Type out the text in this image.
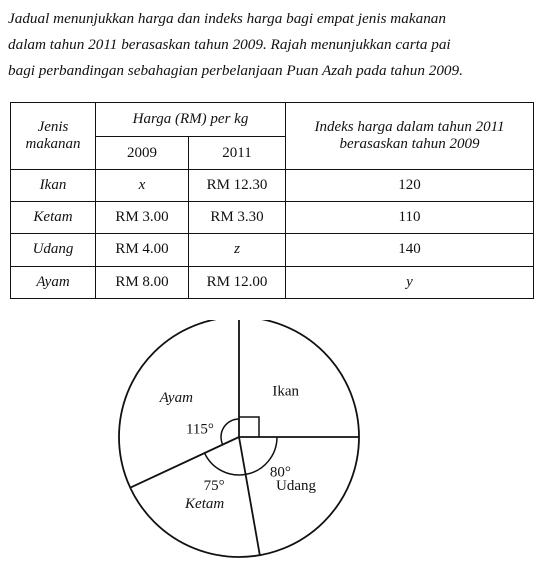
Jadual menunjukkan harga dan indeks harga bagi empat jenis makanan

dalam tahun 2011 berasaskan tahun 2009. Rajah menunjukkan carta pai

bagi perbandingan sebahagian perbelanjaan Puan Azah pada tahun 2009.

Jenis makanan	Harga (RM) per kg		Indeks harga dalam tahun 2011 berasaskan tahun 2009
	2009	2011	
Ikan	x	RM 12.30	120
Ketam	RM 3.00	RM 3.30	110
Udang	RM 4.00	z	140
Ayam	RM 8.00	RM 12.00	y
Ikan
Udang
80°
Ketam
75°
Ayam
115°
